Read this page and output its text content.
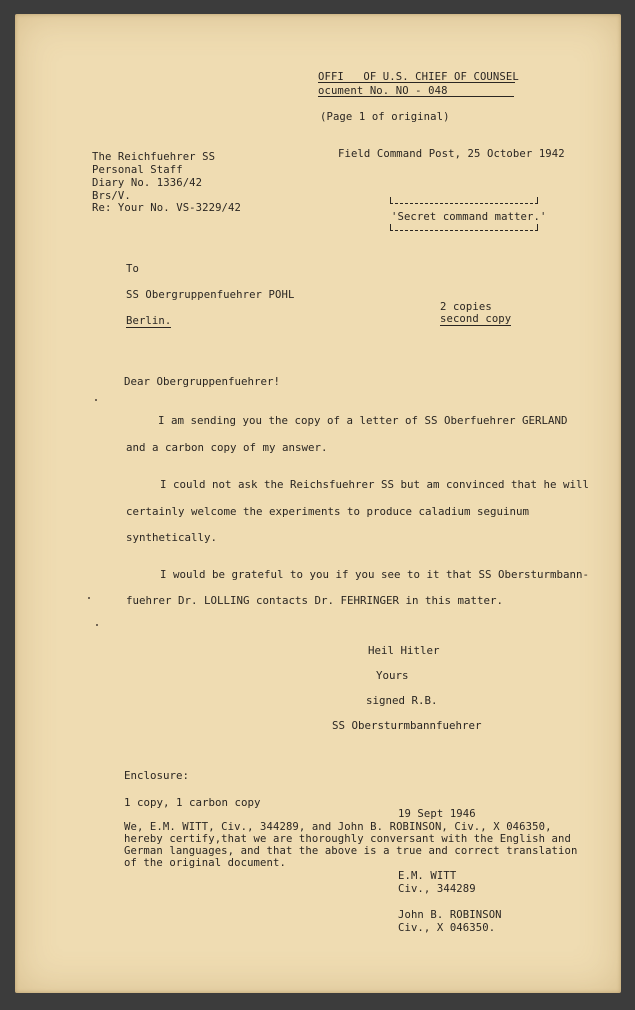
OFFI   OF U.S. CHIEF OF COUNSEL
ocument No. NO - 048
(Page 1 of original)
The Reichfuehrer SS
Personal Staff
Diary No. 1336/42
Brs/V.
Re: Your No. VS-3229/42
Field Command Post, 25 October 1942
'Secret command matter.'
To
SS Obergruppenfuehrer POHL
Berlin.
2 copies
second copy
Dear Obergruppenfuehrer!
I am sending you the copy of a letter of SS Oberfuehrer GERLAND
and a carbon copy of my answer.
I could not ask the Reichsfuehrer SS but am convinced that he will
certainly welcome the experiments to produce caladium seguinum
synthetically.
I would be grateful to you if you see to it that SS Obersturmbann-
fuehrer Dr. LOLLING contacts Dr. FEHRINGER in this matter.
Heil Hitler
Yours
signed R.B.
SS Obersturmbannfuehrer
Enclosure:
1 copy, 1 carbon copy
19 Sept 1946
We, E.M. WITT, Civ., 344289, and John B. ROBINSON, Civ., X 046350,
hereby certify,that we are thoroughly conversant with the English and
German languages, and that the above is a true and correct translation
of the original document.
E.M. WITT
Civ., 344289
John B. ROBINSON
Civ., X 046350.
